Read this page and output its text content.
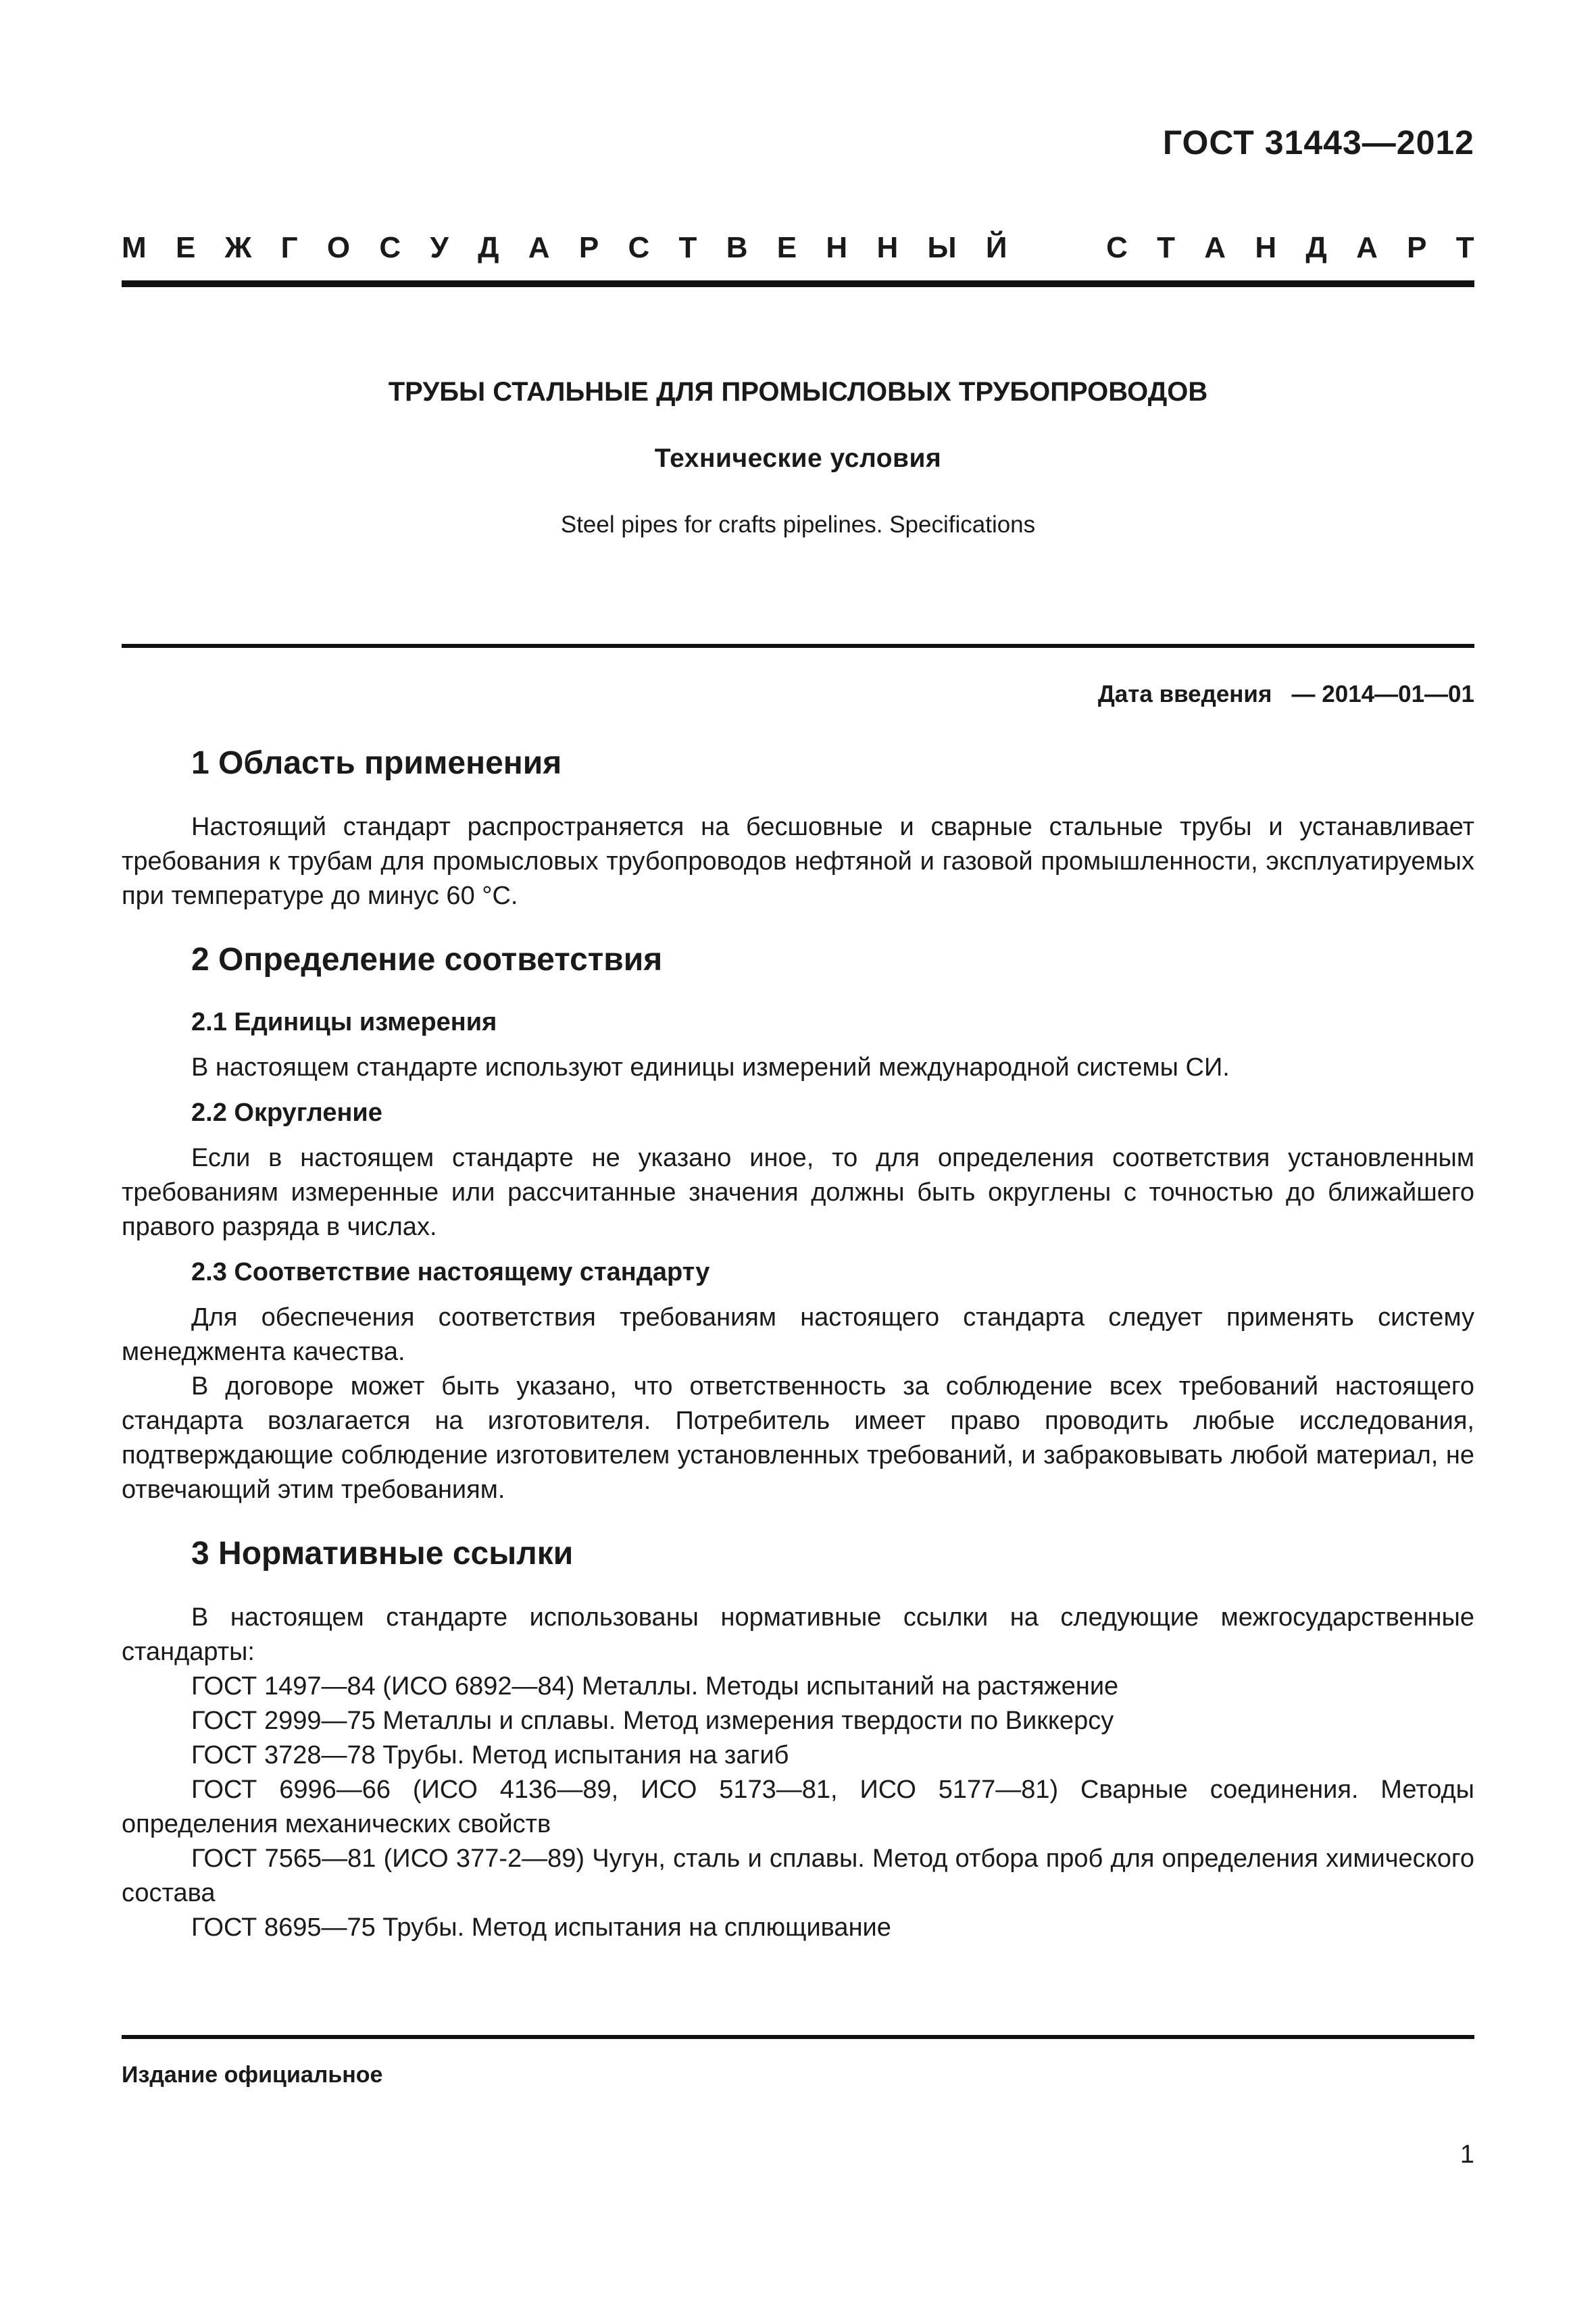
ГОСТ 31443—2012
М Е Ж Г О С У Д А Р С Т В Е Н Н Ы Й	С Т А Н Д А Р Т
ТРУБЫ СТАЛЬНЫЕ ДЛЯ ПРОМЫСЛОВЫХ ТРУБОПРОВОДОВ
Технические условия
Steel pipes for crafts pipelines. Specifications
Дата введения   — 2014—01—01
1 Область применения

Настоящий стандарт распространяется на бесшовные и сварные стальные трубы и устанавливает требования к трубам для промысловых трубопроводов нефтяной и газовой промышленности, эксплуатируемых при температуре до минус 60 °C.

2 Определение соответствия
2.1 Единицы измерения

В настоящем стандарте используют единицы измерений международной системы СИ.

2.2 Округление

Если в настоящем стандарте не указано иное, то для определения соответствия установленным требованиям измеренные или рассчитанные значения должны быть округлены с точностью до ближайшего правого разряда в числах.

2.3 Соответствие настоящему стандарту

Для обеспечения соответствия требованиям настоящего стандарта следует применять систему менеджмента качества.

В договоре может быть указано, что ответственность за соблюдение всех требований настоящего стандарта возлагается на изготовителя. Потребитель имеет право проводить любые исследования, подтверждающие соблюдение изготовителем установленных требований, и забраковывать любой материал, не отвечающий этим требованиям.

3 Нормативные ссылки

В настоящем стандарте использованы нормативные ссылки на следующие межгосударственные стандарты:

ГОСТ 1497—84 (ИСО 6892—84) Металлы. Методы испытаний на растяжение

ГОСТ 2999—75 Металлы и сплавы. Метод измерения твердости по Виккерсу

ГОСТ 3728—78 Трубы. Метод испытания на загиб

ГОСТ 6996—66 (ИСО 4136—89, ИСО 5173—81, ИСО 5177—81) Сварные соединения. Методы определения механических свойств

ГОСТ 7565—81 (ИСО 377-2—89) Чугун, сталь и сплавы. Метод отбора проб для определения химического состава

ГОСТ 8695—75 Трубы. Метод испытания на сплющивание

Издание официальное
1
